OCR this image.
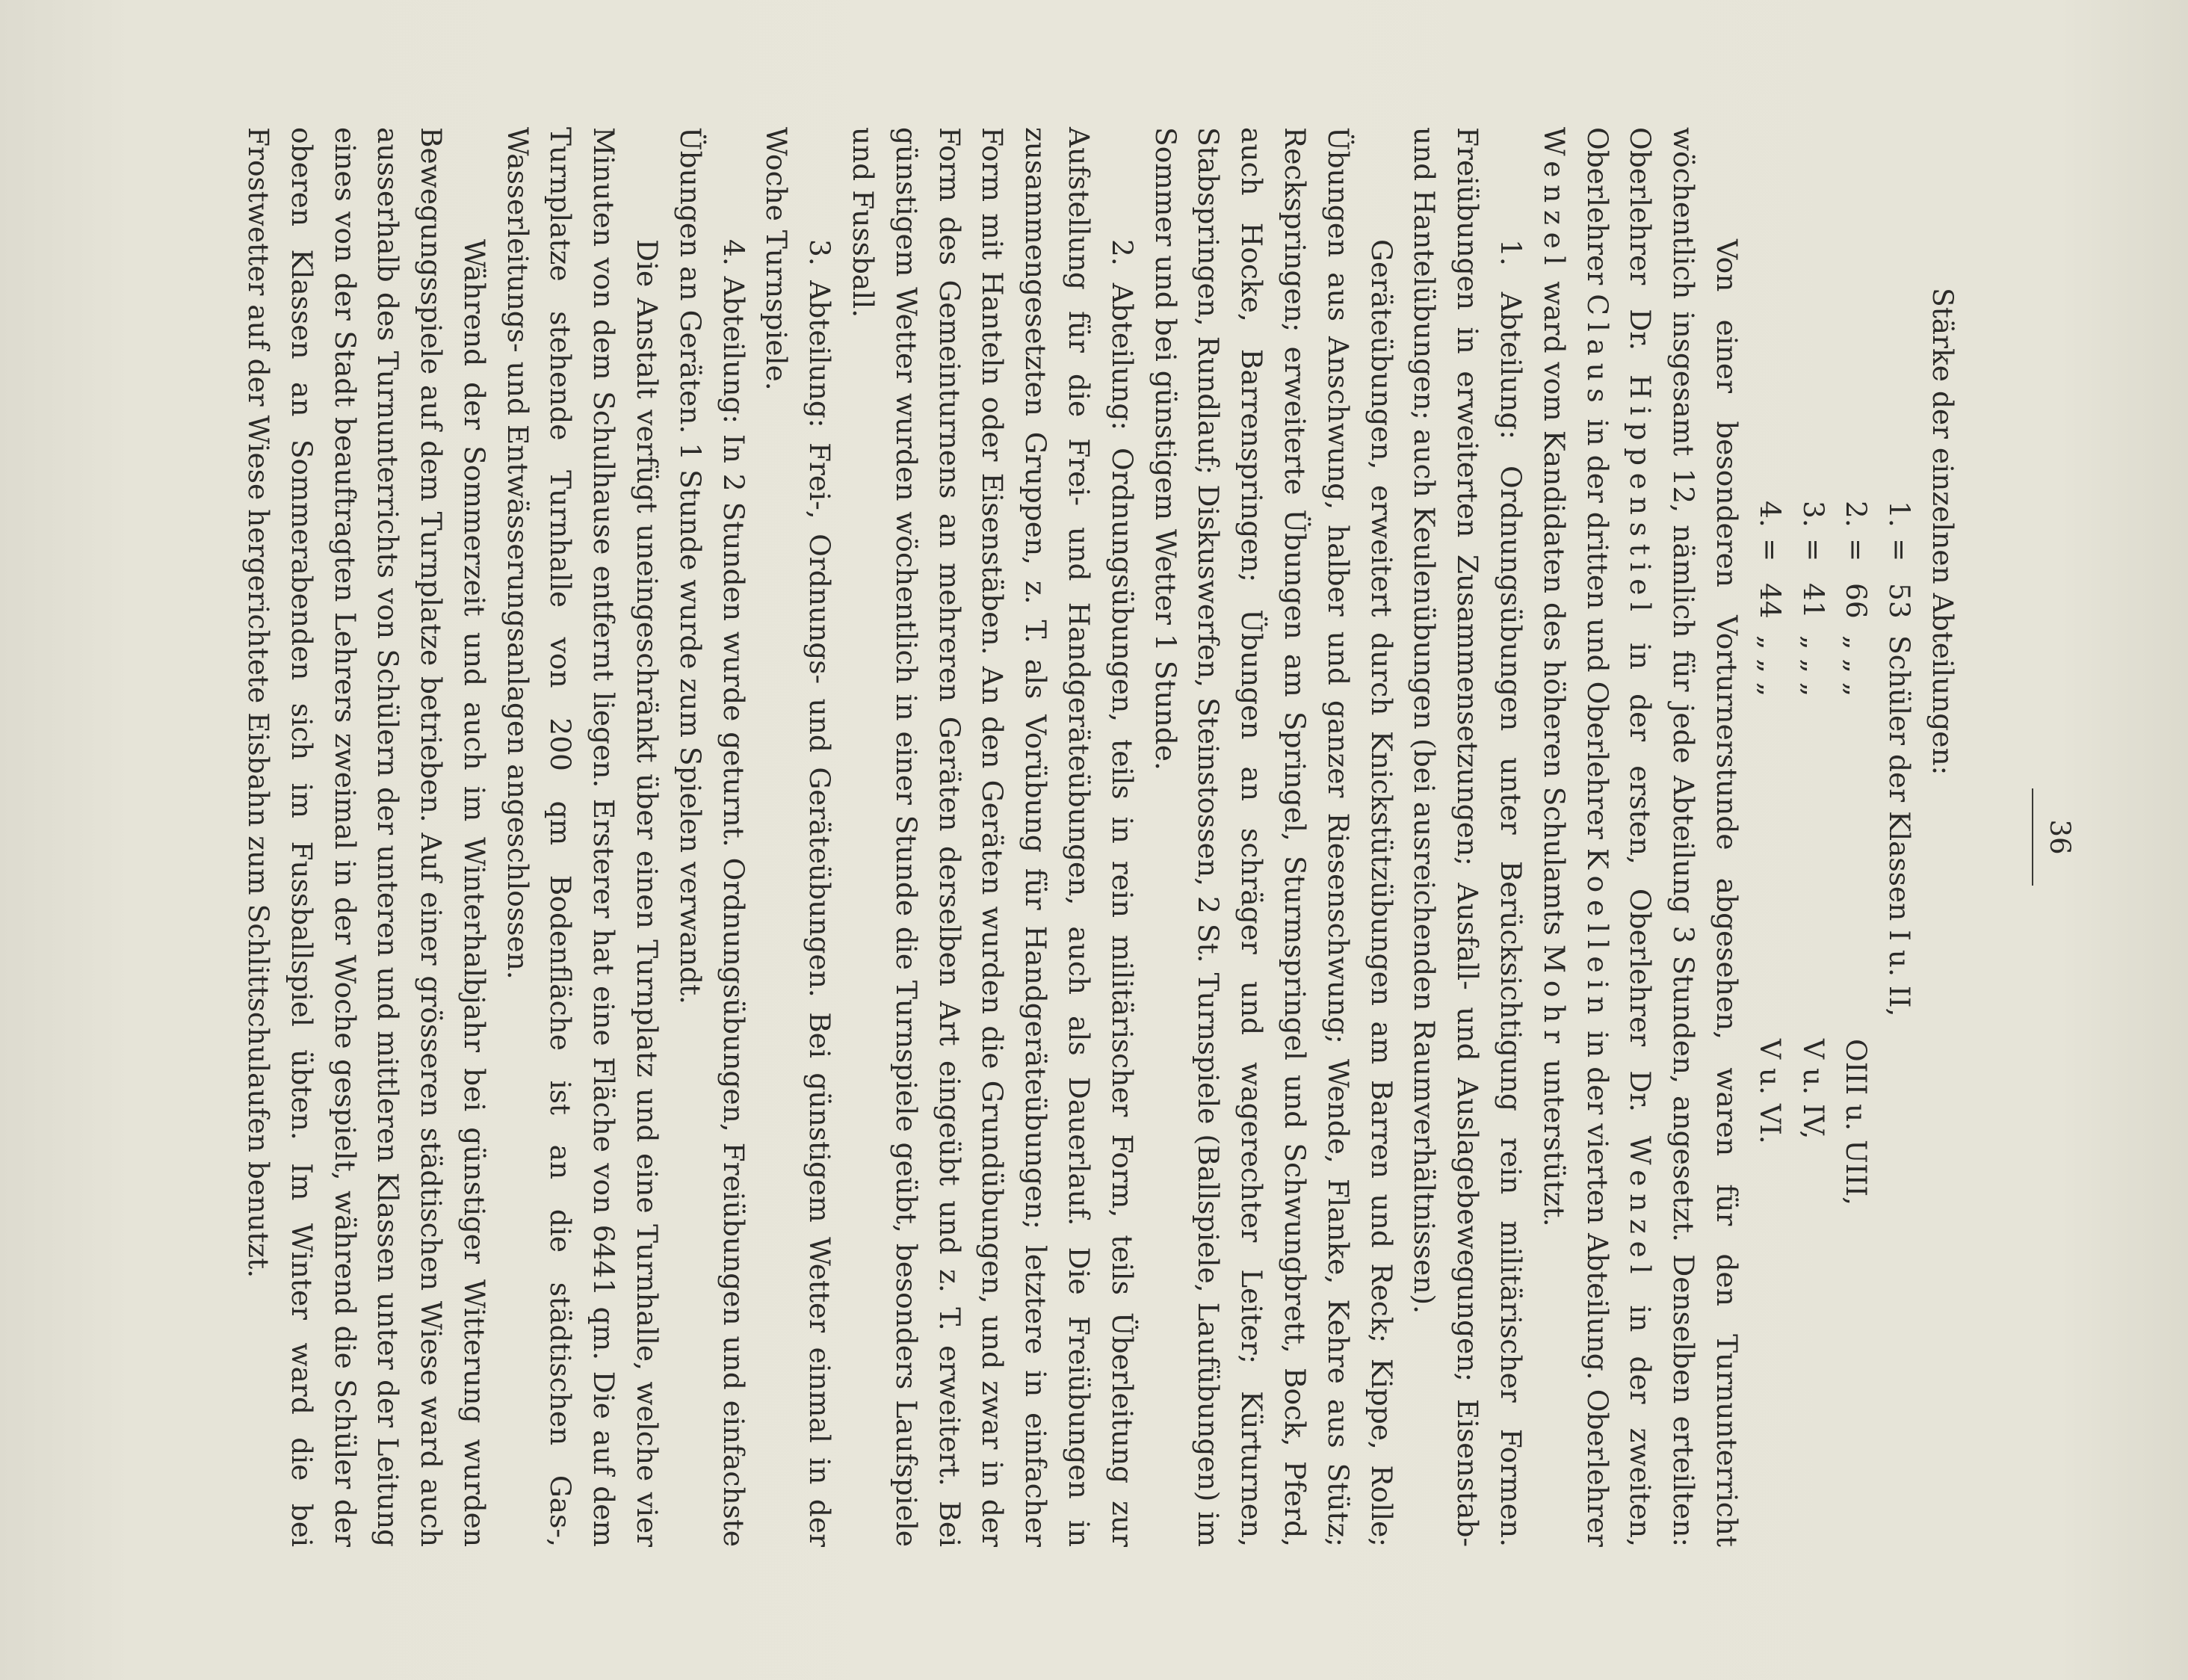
36
Stärke der einzelnen Abteilungen:
1.
=
53
Schüler der Klassen I u. II,
2.
=
66
„ „ „
OIII u. UIII,
3.
=
41
„ „ „
V u. IV,
4.
=
44
„ „ „
V u. VI.

Von einer besonderen Vorturnerstunde abgesehen, waren für den Turnunterricht wöchentlich insgesamt 12, nämlich für jede Abteilung 3 Stunden, angesetzt. Denselben erteilten: Oberlehrer Dr. Hippenstiel in der ersten, Oberlehrer Dr. Wenzel in der zweiten, Oberlehrer Claus in der dritten und Oberlehrer Koellein in der vierten Abteilung. Oberlehrer Wenzel ward vom Kandidaten des höheren Schulamts Mohr unterstützt.

1. Abteilung: Ordnungsübungen unter Berücksichtigung rein militärischer Formen. Freiübungen in erweiterten Zusammensetzungen; Ausfall- und Auslagebewegungen; Eisenstab- und Hantelübungen; auch Keulenübungen (bei ausreichenden Raumverhältnissen).

Geräteübungen, erweitert durch Knickstützübungen am Barren und Reck; Kippe, Rolle; Übungen aus Anschwung, halber und ganzer Riesenschwung; Wende, Flanke, Kehre aus Stütz; Reckspringen; erweiterte Übungen am Springel, Sturmspringel und Schwungbrett, Bock, Pferd, auch Hocke, Barrenspringen; Übungen an schräger und wagerechter Leiter; Kürturnen, Stabspringen, Rundlauf; Diskuswerfen, Steinstossen, 2 St. Turnspiele (Ballspiele, Laufübungen) im Sommer und bei günstigem Wetter 1 Stunde.

2. Abteilung: Ordnungsübungen, teils in rein militärischer Form, teils Überleitung zur Aufstellung für die Frei- und Handgeräteübungen, auch als Dauerlauf. Die Freiübungen in zusammengesetzten Gruppen, z. T. als Vorübung für Handgeräteübungen; letztere in einfacher Form mit Hanteln oder Eisenstäben. An den Geräten wurden die Grundübungen, und zwar in der Form des Gemeinturnens an mehreren Geräten derselben Art eingeübt und z. T. erweitert. Bei günstigem Wetter wurden wöchentlich in einer Stunde die Turnspiele geübt, besonders Laufspiele und Fussball.

3. Abteilung: Frei-, Ordnungs- und Geräteübungen. Bei günstigem Wetter einmal in der Woche Turnspiele.

4. Abteilung: In 2 Stunden wurde geturnt. Ordnungsübungen, Freiübungen und einfachste Übungen an Geräten. 1 Stunde wurde zum Spielen verwandt.

Die Anstalt verfügt uneingeschränkt über einen Turnplatz und eine Turnhalle, welche vier Minuten von dem Schulhause entfernt liegen. Ersterer hat eine Fläche von 6441 qm. Die auf dem Turnplatze stehende Turnhalle von 200 qm Bodenfläche ist an die städtischen Gas-, Wasserleitungs- und Entwässerungsanlagen angeschlossen.

Während der Sommerzeit und auch im Winterhalbjahr bei günstiger Witterung wurden Bewegungsspiele auf dem Turnplatze betrieben. Auf einer grösseren städtischen Wiese ward auch ausserhalb des Turnunterrichts von Schülern der unteren und mittleren Klassen unter der Leitung eines von der Stadt beauftragten Lehrers zweimal in der Woche gespielt, während die Schüler der oberen Klassen an Sommerabenden sich im Fussballspiel übten. Im Winter ward die bei Frostwetter auf der Wiese hergerichtete Eisbahn zum Schlittschulaufen benutzt.
